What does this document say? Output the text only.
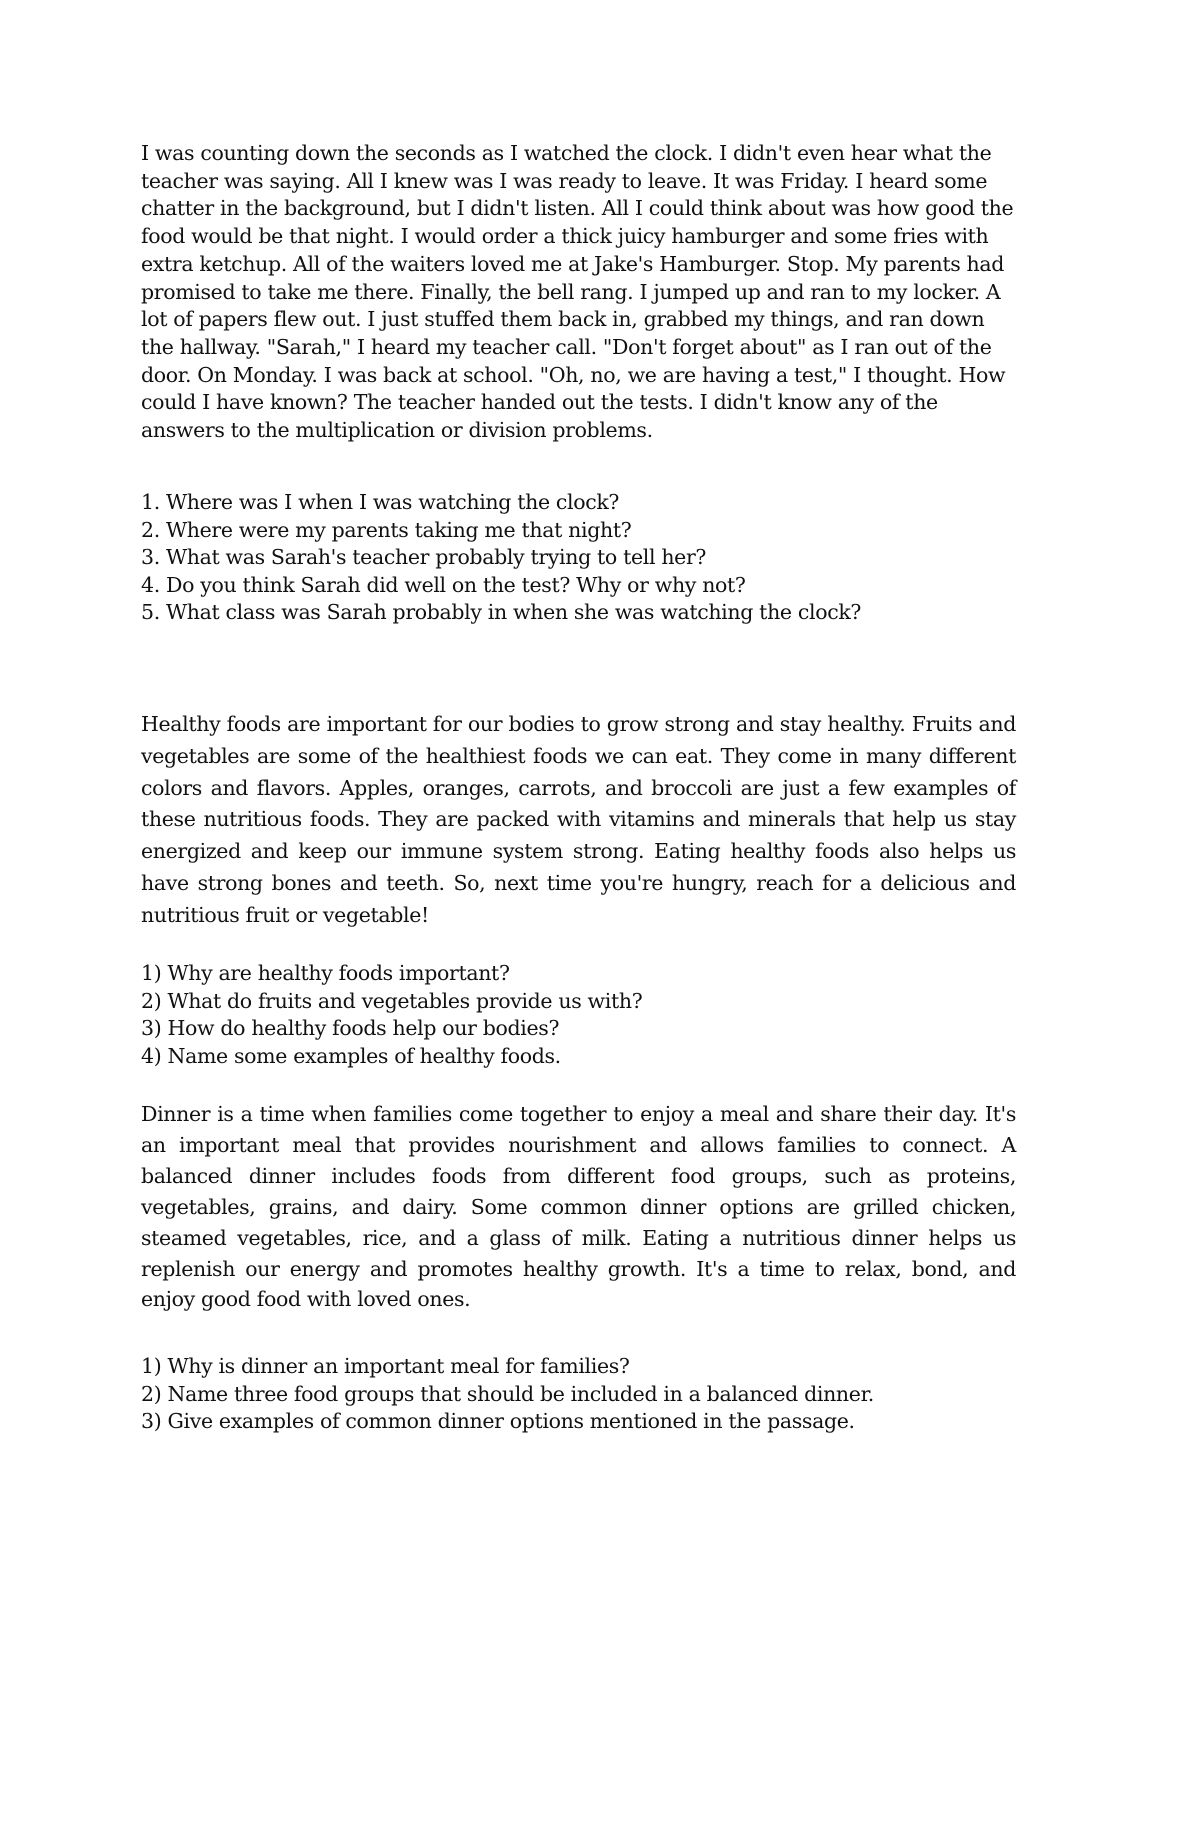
I was counting down the seconds as I watched the clock. I didn't even hear what the teacher was saying. All I knew was I was ready to leave. It was Friday. I heard some chatter in the background, but I didn't listen. All I could think about was how good the food would be that night. I would order a thick juicy hamburger and some fries with extra ketchup. All of the waiters loved me at Jake's Hamburger. Stop. My parents had promised to take me there. Finally, the bell rang. I jumped up and ran to my locker. A lot of papers flew out. I just stuffed them back in, grabbed my things, and ran down the hallway. "Sarah," I heard my teacher call. "Don't forget about" as I ran out of the door. On Monday. I was back at school. "Oh, no, we are having a test," I thought. How could I have known? The teacher handed out the tests. I didn't know any of the answers to the multiplication or division problems.

1. Where was I when I was watching the clock?
2. Where were my parents taking me that night?
3. What was Sarah's teacher probably trying to tell her?
4. Do you think Sarah did well on the test? Why or why not?
5. What class was Sarah probably in when she was watching the clock?

Healthy foods are important for our bodies to grow strong and stay healthy. Fruits and vegetables are some of the healthiest foods we can eat. They come in many different colors and flavors. Apples, oranges, carrots, and broccoli are just a few examples of these nutritious foods. They are packed with vitamins and minerals that help us stay energized and keep our immune system strong. Eating healthy foods also helps us have strong bones and teeth. So, next time you're hungry, reach for a delicious and nutritious fruit or vegetable!

1) Why are healthy foods important?
2) What do fruits and vegetables provide us with?
3) How do healthy foods help our bodies?
4) Name some examples of healthy foods.

Dinner is a time when families come together to enjoy a meal and share their day. It's an important meal that provides nourishment and allows families to connect. A balanced dinner includes foods from different food groups, such as proteins, vegetables, grains, and dairy. Some common dinner options are grilled chicken, steamed vegetables, rice, and a glass of milk. Eating a nutritious dinner helps us replenish our energy and promotes healthy growth. It's a time to relax, bond, and enjoy good food with loved ones.

1) Why is dinner an important meal for families?
2) Name three food groups that should be included in a balanced dinner.
3) Give examples of common dinner options mentioned in the passage.
